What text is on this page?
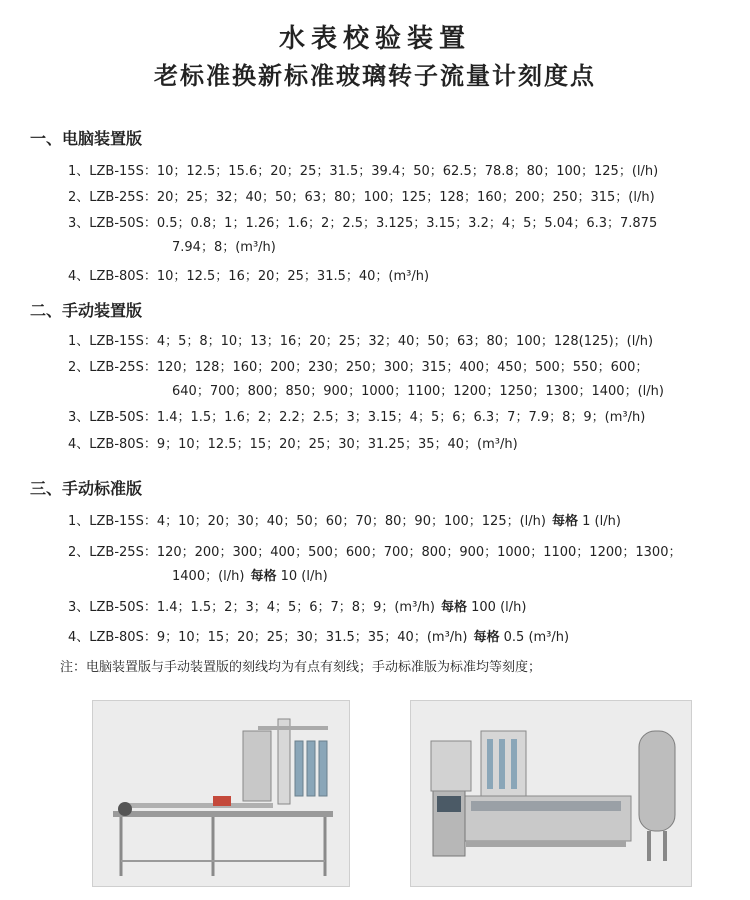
水表校验装置
老标准换新标准玻璃转子流量计刻度点
一、电脑装置版
1、LZB-15S：10；12.5；15.6；20；25；31.5；39.4；50；62.5；78.8；80；100；125；(l/h)
2、LZB-25S：20；25；32；40；50；63；80；100；125；128；160；200；250；315；(l/h)
3、LZB-50S：0.5；0.8；1；1.26；1.6；2；2.5；3.125；3.15；3.2；4；5；5.04；6.3；7.875
7.94；8；(m³/h)
4、LZB-80S：10；12.5；16；20；25；31.5；40；(m³/h)
二、手动装置版
1、LZB-15S：4；5；8；10；13；16；20；25；32；40；50；63；80；100；128(125)；(l/h)
2、LZB-25S：120；128；160；200；230；250；300；315；400；450；500；550；600；
640；700；800；850；900；1000；1100；1200；1250；1300；1400；(l/h)
3、LZB-50S：1.4；1.5；1.6；2；2.2；2.5；3；3.15；4；5；6；6.3；7；7.9；8；9；(m³/h)
4、LZB-80S：9；10；12.5；15；20；25；30；31.25；35；40；(m³/h)
三、手动标准版
1、LZB-15S：4；10；20；30；40；50；60；70；80；90；100；125；(l/h) 每格 1 (l/h)
2、LZB-25S：120；200；300；400；500；600；700；800；900；1000；1100；1200；1300；
1400；(l/h) 每格 10 (l/h)
3、LZB-50S：1.4；1.5；2；3；4；5；6；7；8；9；(m³/h) 每格 100 (l/h)
4、LZB-80S：9；10；15；20；25；30；31.5；35；40；(m³/h) 每格 0.5 (m³/h)
注：电脑装置版与手动装置版的刻线均为有点有刻线；手动标准版为标准均等刻度；
